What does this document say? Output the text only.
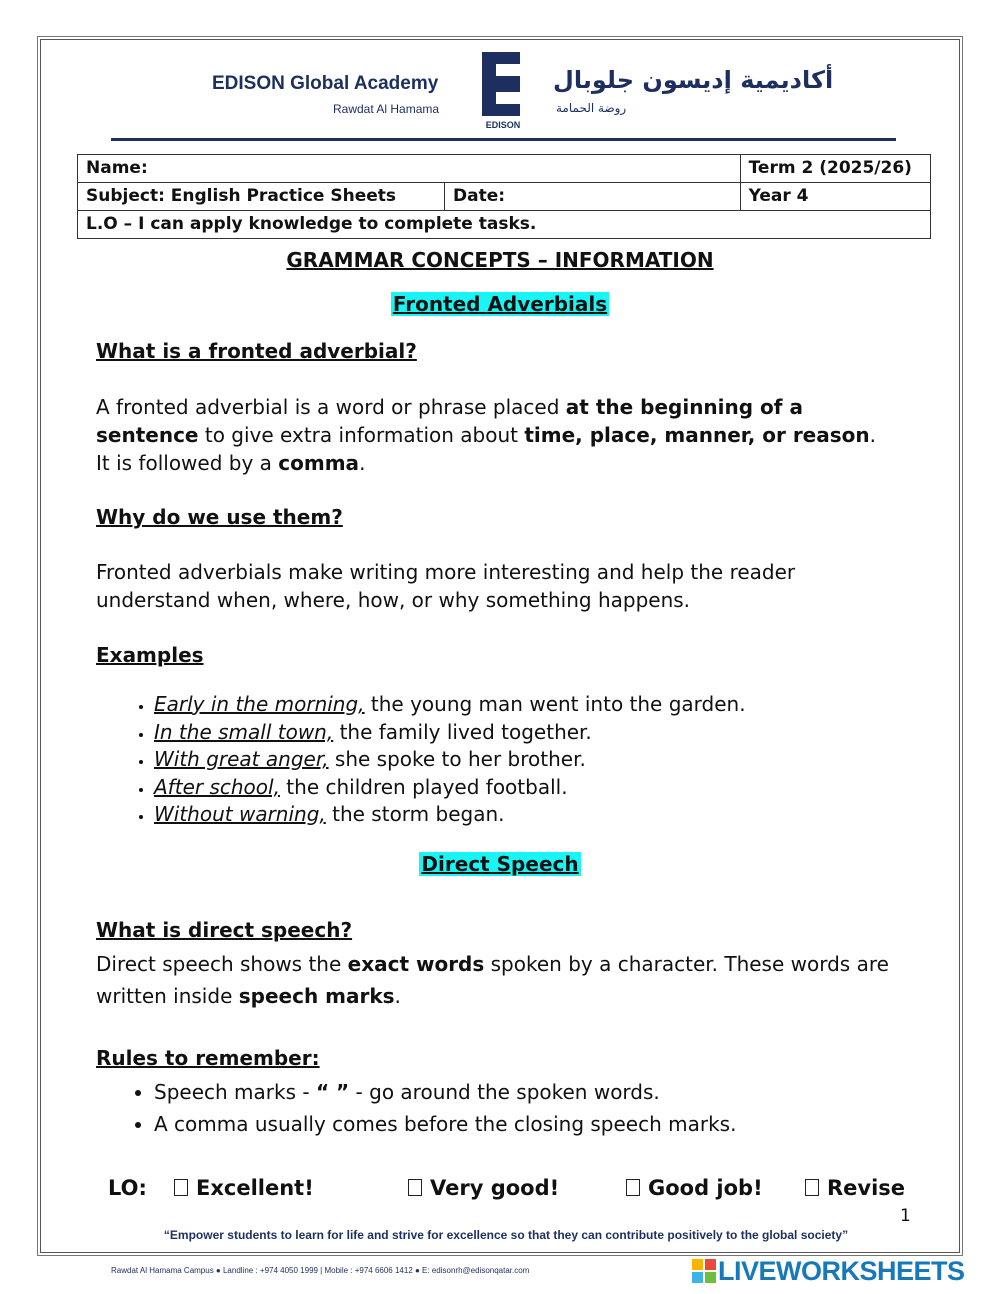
EDISON Global Academy
Rawdat Al Hamama
EDISON
أكاديمية إديسون جلوبال
روضة الحمامة
Name:		Term 2 (2025/26)
Subject: English Practice Sheets	Date:	Year 4
L.O – I can apply knowledge to complete tasks.		
GRAMMAR CONCEPTS – INFORMATION
Fronted Adverbials
What is a fronted adverbial?
A fronted adverbial is a word or phrase placed at the beginning of a
sentence to give extra information about time, place, manner, or reason.
It is followed by a comma.
Why do we use them?
Fronted adverbials make writing more interesting and help the reader
understand when, where, how, or why something happens.
Examples
• Early in the morning, the young man went into the garden.
• In the small town, the family lived together.
• With great anger, she spoke to her brother.
• After school, the children played football.
• Without warning, the storm began.
Direct Speech
What is direct speech?
Direct speech shows the exact words spoken by a character. These words are
written inside speech marks.
Rules to remember:
• Speech marks - “ ” - go around the spoken words.
• A comma usually comes before the closing speech marks.
LO:	Excellent!	Very good!	Good job!	Revise
1
“Empower students to learn for life and strive for excellence so that they can contribute positively to the global society”
Rawdat Al Hamama Campus ● Landline : +974 4050 1999 | Mobile : +974 6606 1412 ● E: edisonrh@edisonqatar.com	LIVEWORKSHEETS
